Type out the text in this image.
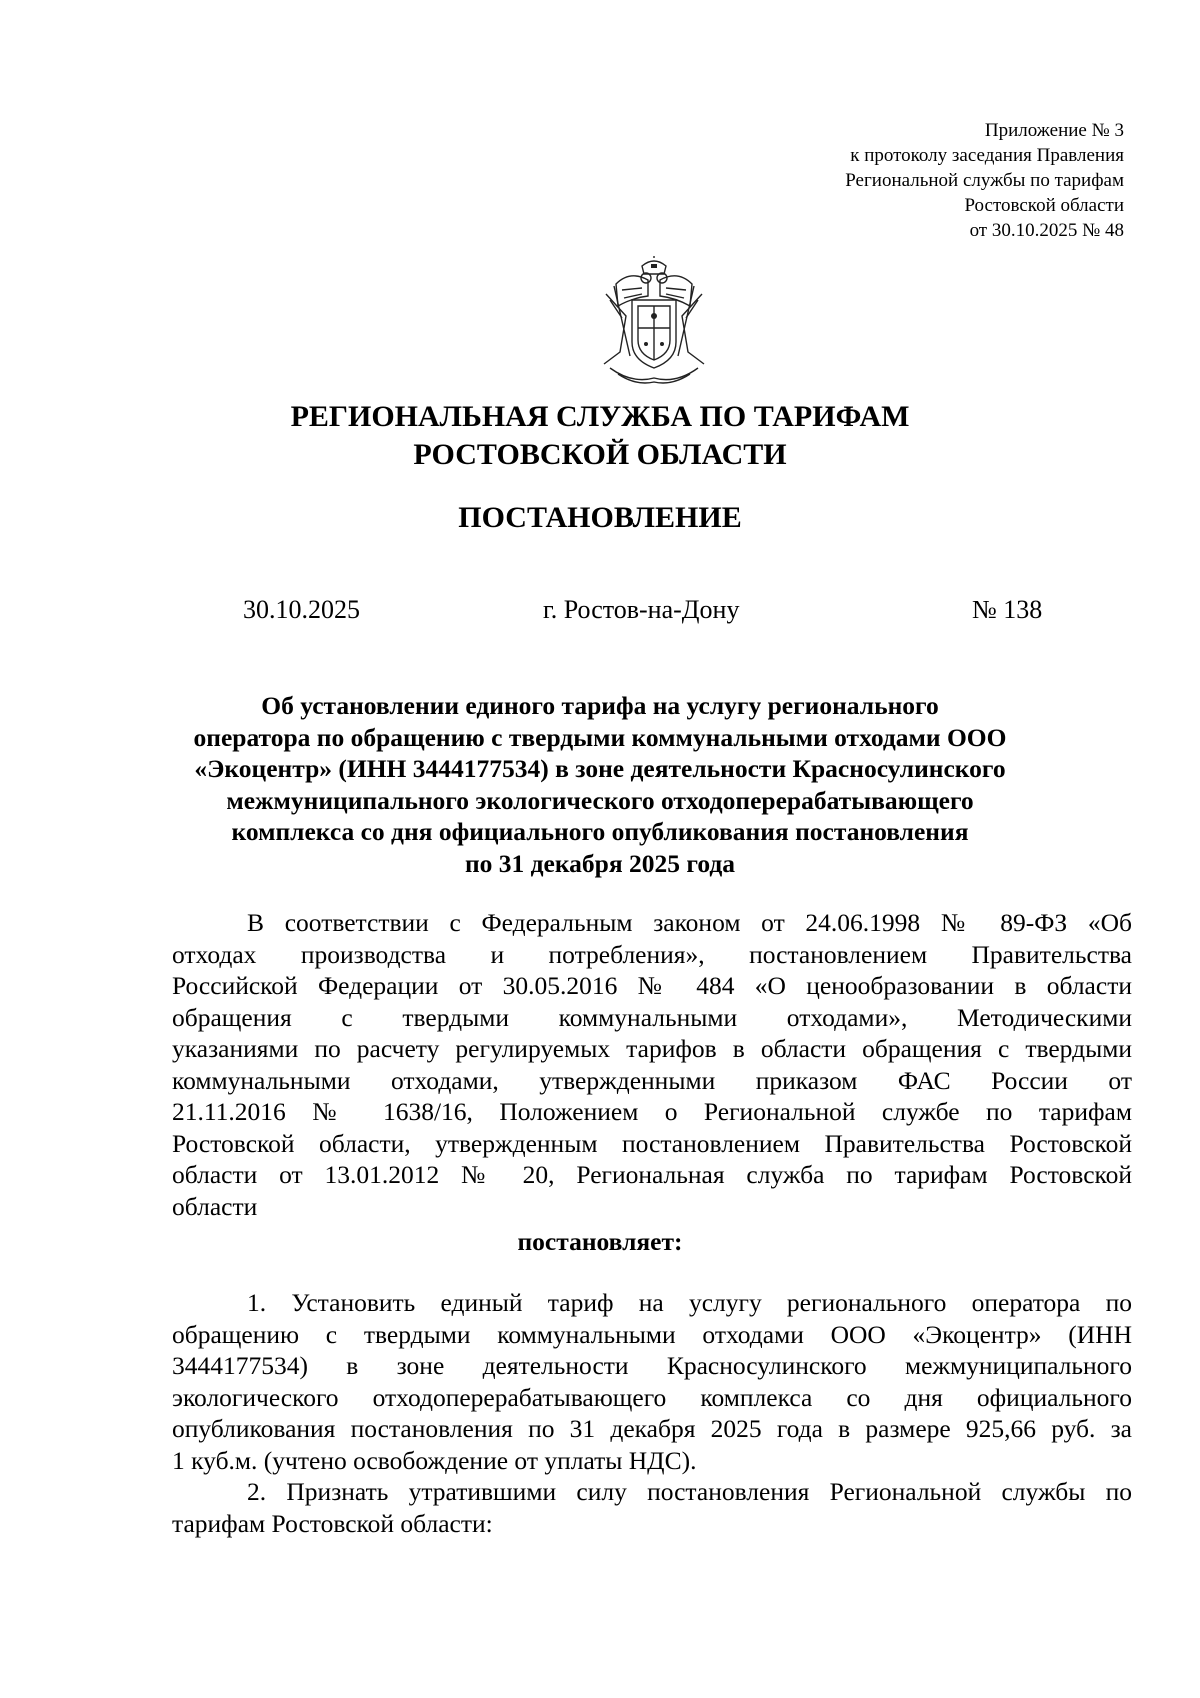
Приложение № 3
к протоколу заседания Правления
Региональной службы по тарифам
Ростовской области
от 30.10.2025 № 48
РЕГИОНАЛЬНАЯ СЛУЖБА ПО ТАРИФАМ
РОСТОВСКОЙ ОБЛАСТИ
ПОСТАНОВЛЕНИЕ
30.10.2025	г. Ростов-на-Дону	№ 138
Об установлении единого тарифа на услугу регионального
оператора по обращению с твердыми коммунальными отходами ООО
«Экоцентр» (ИНН 3444177534) в зоне деятельности Красносулинского
межмуниципального экологического отходоперерабатывающего
комплекса со дня официального опубликования постановления
по 31 декабря 2025 года
В соответствии с Федеральным законом от 24.06.1998 № 89-ФЗ «Об
отходах производства и потребления», постановлением Правительства
Российской Федерации от 30.05.2016 № 484 «О ценообразовании в области
обращения с твердыми коммунальными отходами», Методическими
указаниями по расчету регулируемых тарифов в области обращения с твердыми
коммунальными отходами, утвержденными приказом ФАС России от
21.11.2016 № 1638/16, Положением о Региональной службе по тарифам
Ростовской области, утвержденным постановлением Правительства Ростовской
области от 13.01.2012 № 20, Региональная служба по тарифам Ростовской
области
постановляет:
1. Установить единый тариф на услугу регионального оператора по
обращению с твердыми коммунальными отходами ООО «Экоцентр» (ИНН
3444177534) в зоне деятельности Красносулинского межмуниципального
экологического отходоперерабатывающего комплекса со дня официального
опубликования постановления по 31 декабря 2025 года в размере 925,66 руб. за
1 куб.м. (учтено освобождение от уплаты НДС).
2. Признать утратившими силу постановления Региональной службы по
тарифам Ростовской области:
